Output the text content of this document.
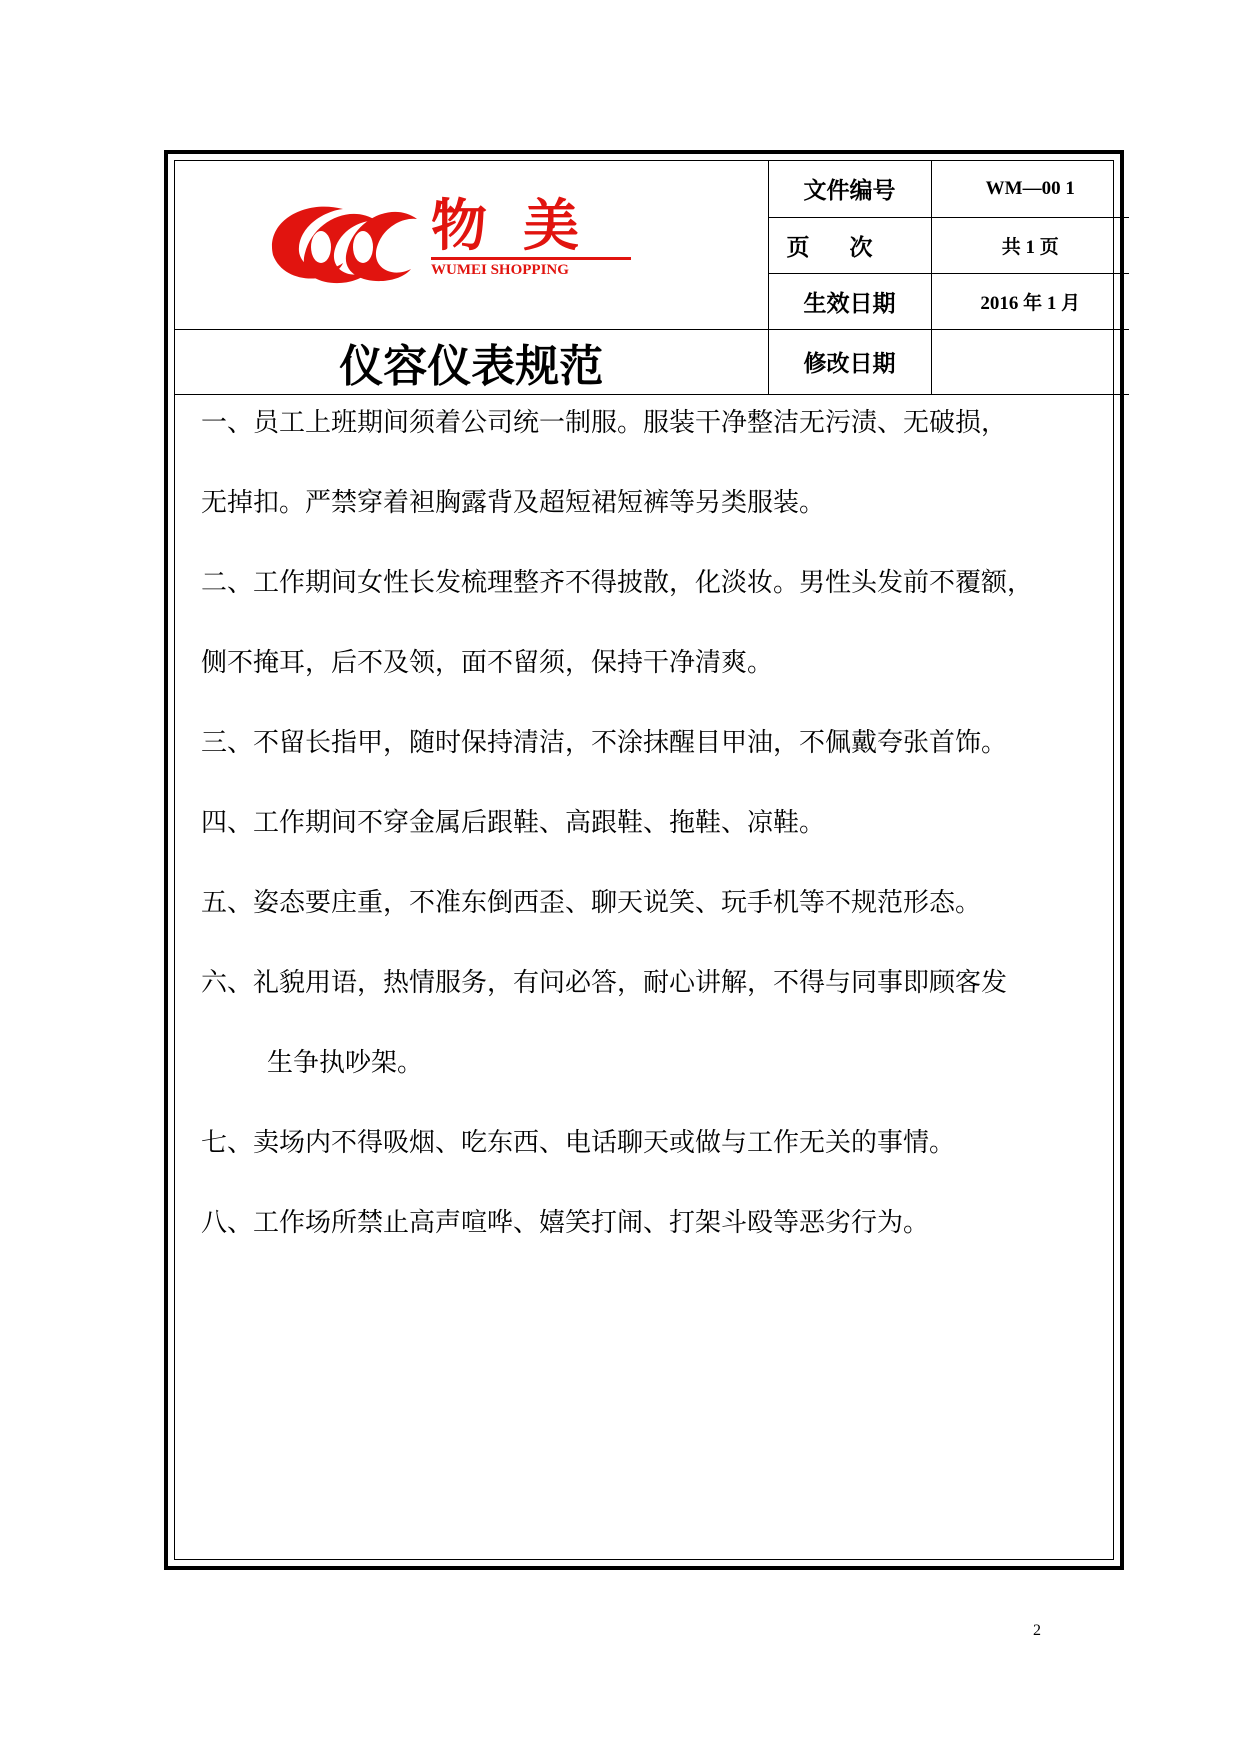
物美
WUMEI SHOPPING	文件编号	WM—00 1
	页次	共 1 页
	生效日期	2016 年 1 月
仪容仪表规范	修改日期	

一、员工上班期间须着公司统一制服。服装干净整洁无污渍、无破损，

无掉扣。严禁穿着袒胸露背及超短裙短裤等另类服装。

二、工作期间女性长发梳理整齐不得披散，化淡妆。男性头发前不覆额，

侧不掩耳，后不及领，面不留须，保持干净清爽。

三、不留长指甲，随时保持清洁，不涂抹醒目甲油，不佩戴夸张首饰。

四、工作期间不穿金属后跟鞋、高跟鞋、拖鞋、凉鞋。

五、姿态要庄重，不准东倒西歪、聊天说笑、玩手机等不规范形态。

六、礼貌用语，热情服务，有问必答，耐心讲解，不得与同事即顾客发

生争执吵架。

七、卖场内不得吸烟、吃东西、电话聊天或做与工作无关的事情。

八、工作场所禁止高声喧哗、嬉笑打闹、打架斗殴等恶劣行为。

2
